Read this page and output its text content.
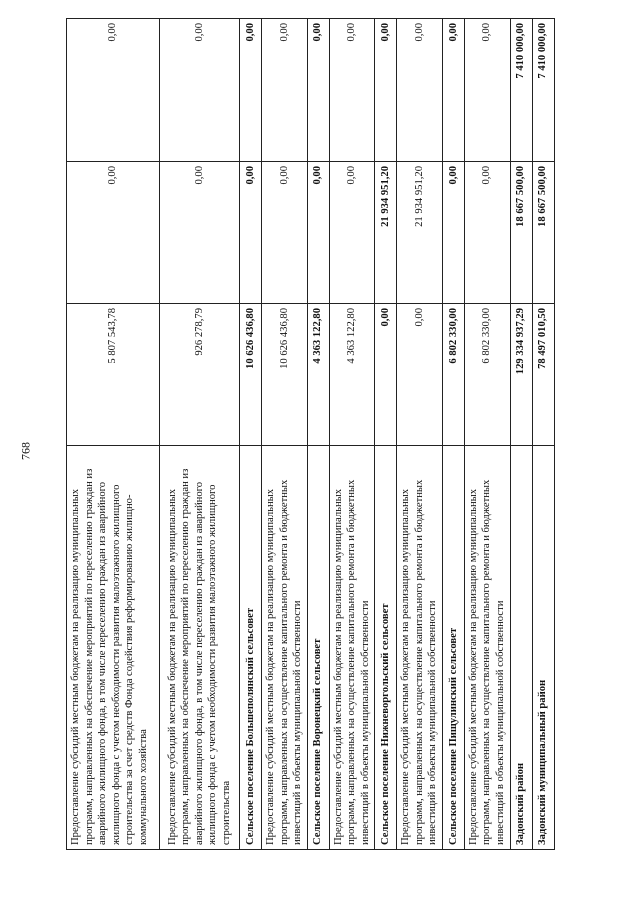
768
Предоставление субсидий местным бюджетам на реализацию муниципальных программ, направленных на обеспечение мероприятий по переселению граждан из аварийного жилищного фонда, в том числе переселению граждан из аварийного жилищного фонда с учетом необходимости развития малоэтажного жилищного строительства за счет средств Фонда содействия реформированию жилищно-коммунального хозяйства	5 807 543,78	0,00	0,00
Предоставление субсидий местным бюджетам на реализацию муниципальных программ, направленных на обеспечение мероприятий по переселению граждан из аварийного жилищного фонда, в том числе переселению граждан из аварийного жилищного фонда с учетом необходимости развития малоэтажного жилищного строительства	926 278,79	0,00	0,00
Сельское поселение Большеполянский сельсовет	10 626 436,80	0,00	0,00
Предоставление субсидий местным бюджетам на реализацию муниципальных программ, направленных на осуществление капитального ремонта и бюджетных инвестиций в объекты муниципальной собственности	10 626 436,80	0,00	0,00
Сельское поселение Воронецкий сельсовет	4 363 122,80	0,00	0,00
Предоставление субсидий местным бюджетам на реализацию муниципальных программ, направленных на осуществление капитального ремонта и бюджетных инвестиций в объекты муниципальной собственности	4 363 122,80	0,00	0,00
Сельское поселение Нижневоргольский сельсовет	0,00	21 934 951,20	0,00
Предоставление субсидий местным бюджетам на реализацию муниципальных программ, направленных на осуществление капитального ремонта и бюджетных инвестиций в объекты муниципальной собственности	0,00	21 934 951,20	0,00
Сельское поселение Пищулинский сельсовет	6 802 330,00	0,00	0,00
Предоставление субсидий местным бюджетам на реализацию муниципальных программ, направленных на осуществление капитального ремонта и бюджетных инвестиций в объекты муниципальной собственности	6 802 330,00	0,00	0,00
Задонский район	129 334 937,29	18 667 500,00	7 410 000,00
Задонский муниципальный район	78 497 010,50	18 667 500,00	7 410 000,00
